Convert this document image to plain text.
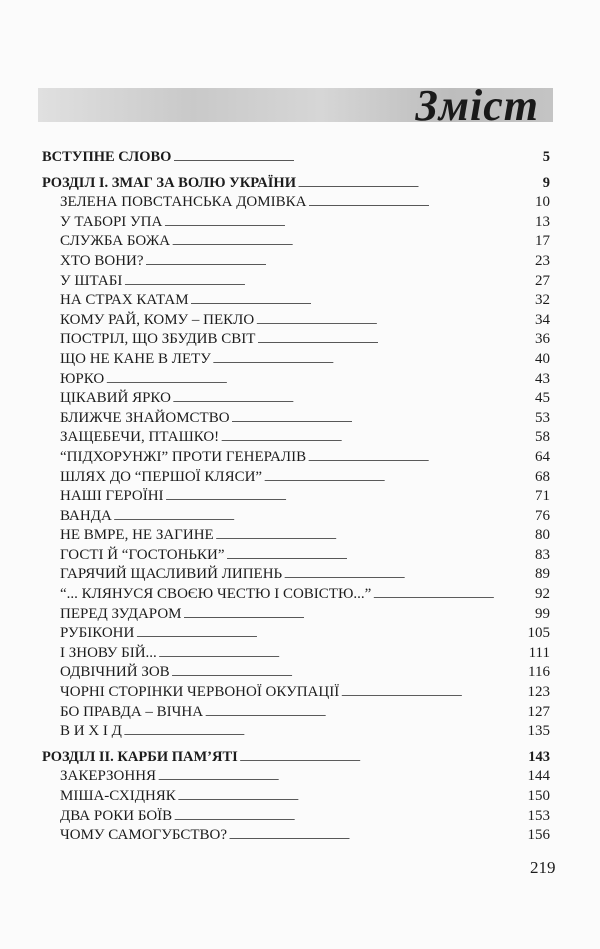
Зміст
ВСТУПНЕ СЛОВО . . .	5
РОЗДІЛ І. ЗМАГ ЗА ВОЛЮ УКРАЇНИ . . .	9
ЗЕЛЕНА ПОВСТАНСЬКА ДОМІВКА . . .	10
У ТАБОРІ УПА . . .	13
СЛУЖБА БОЖА . . .	17
ХТО ВОНИ? . . .	23
У ШТАБІ . . .	27
НА СТРАХ КАТАМ . . .	32
КОМУ РАЙ, КОМУ – ПЕКЛО . . .	34
ПОСТРІЛ, ЩО ЗБУДИВ СВІТ . . .	36
ЩО НЕ КАНЕ В ЛЕТУ . . .	40
ЮРКО . . .	43
ЦІКАВИЙ ЯРКО . . .	45
БЛИЖЧЕ ЗНАЙОМСТВО . . .	53
ЗАЩЕБЕЧИ, ПТАШКО! . . .	58
“ПІДХОРУНЖІ” ПРОТИ ГЕНЕРАЛІВ . . .	64
ШЛЯХ ДО “ПЕРШОЇ КЛЯСИ” . . .	68
НАШІ ГЕРОЇНІ . . .	71
ВАНДА . . .	76
НЕ ВМРЕ, НЕ ЗАГИНЕ . . .	80
ГОСТІ Й “ГОСТОНЬКИ” . . .	83
ГАРЯЧИЙ ЩАСЛИВИЙ ЛИПЕНЬ . . .	89
“... КЛЯНУСЯ СВОЄЮ ЧЕСТЮ І СОВІСТЮ...” . . .	92
ПЕРЕД ЗУДАРОМ . . .	99
РУБІКОНИ . . .	105
І ЗНОВУ БІЙ... . . .	111
ОДВІЧНИЙ ЗОВ . . .	116
ЧОРНІ СТОРІНКИ ЧЕРВОНОЇ ОКУПАЦІЇ . . .	123
БО ПРАВДА – ВІЧНА . . .	127
В И Х І Д . . .	135
РОЗДІЛ ІІ. КАРБИ ПАМ’ЯТІ . . .	143
ЗАКЕРЗОННЯ . . .	144
МІША-СХІДНЯК . . .	150
ДВА РОКИ БОЇВ . . .	153
ЧОМУ САМОГУБСТВО? . . .	156
219
